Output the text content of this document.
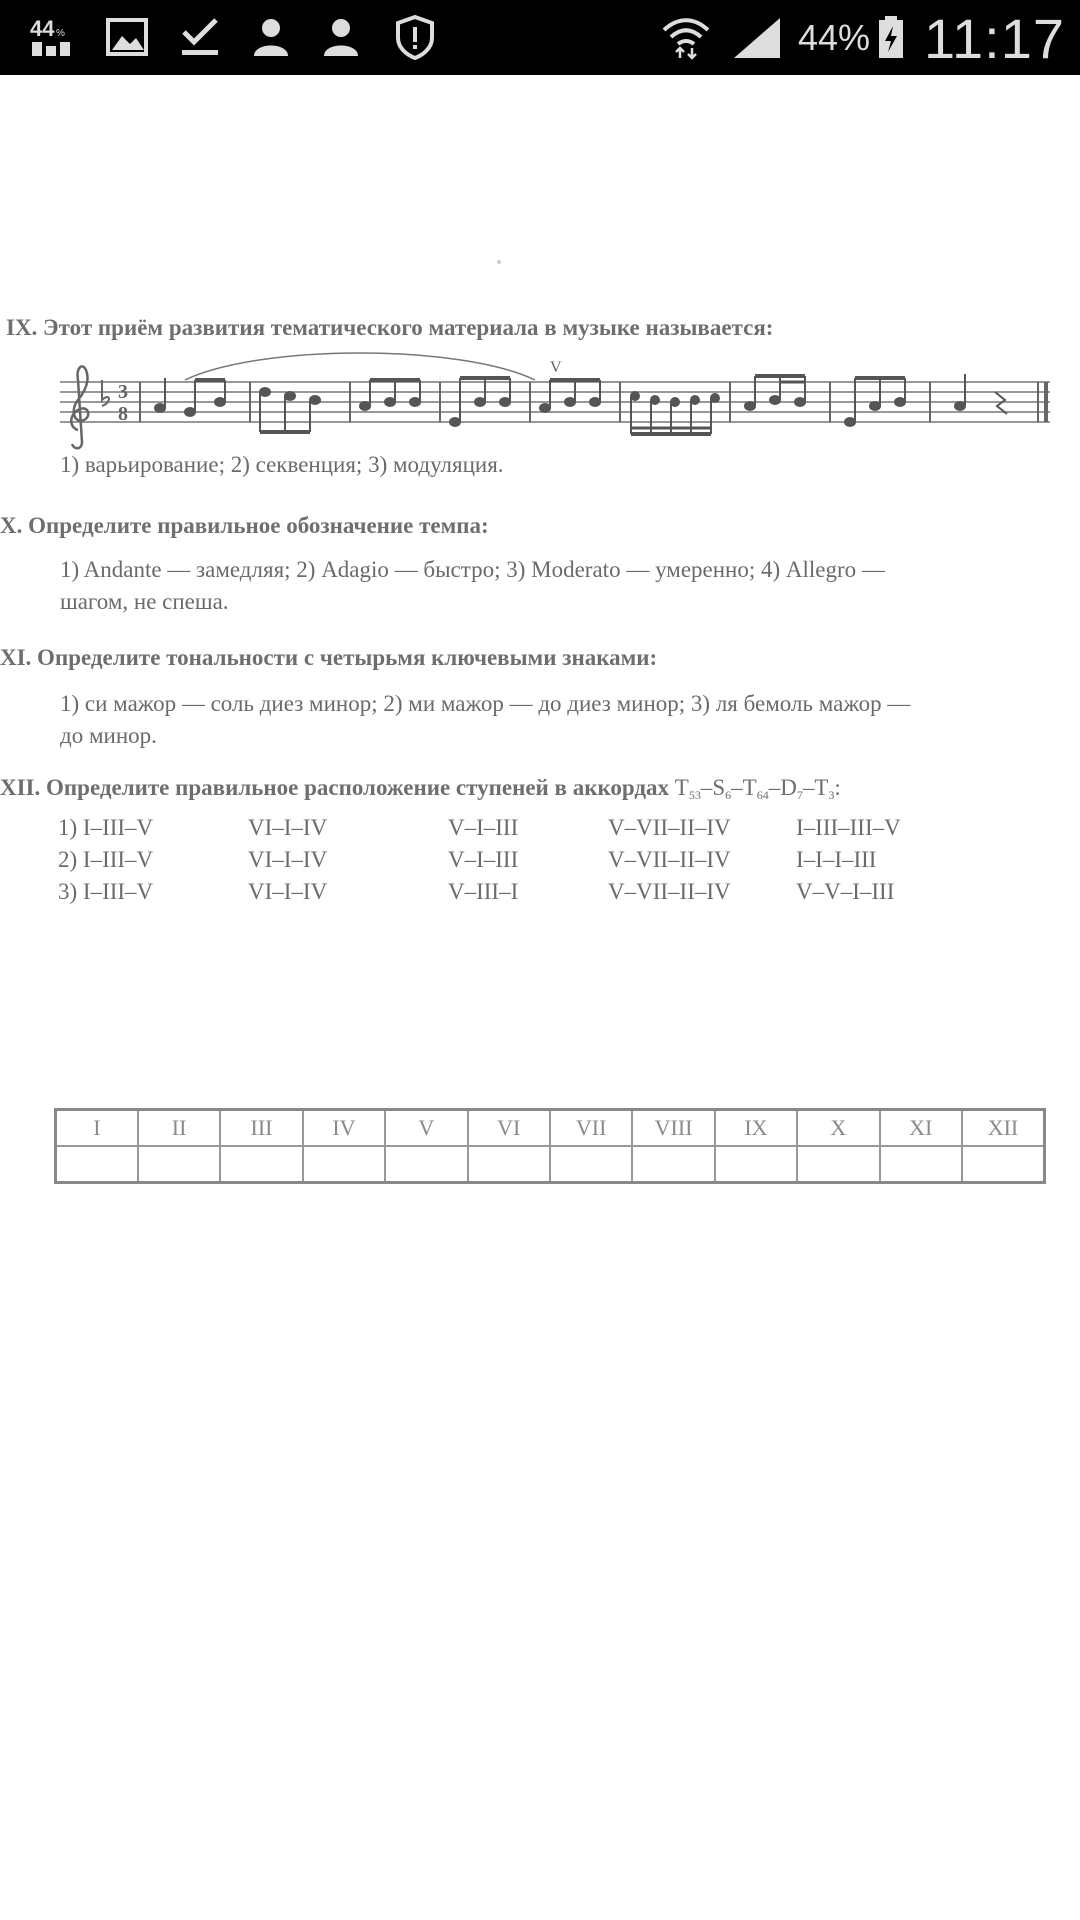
44 %	44% 11:17
IX. Этот приём развития тематического материала в музыке называется:
3
8
V
1) варьирование; 2) секвенция; 3) модуляция.
X. Определите правильное обозначение темпа:
1) Andante — замедляя; 2) Adagio — быстро; 3) Moderato — умеренно; 4) Allegro —
шагом, не спеша.
XI. Определите тональности с четырьмя ключевыми знаками:
1) си мажор — соль диез минор; 2) ми мажор — до диез минор; 3) ля бемоль мажор —
до минор.
XII. Определите правильное расположение ступеней в аккордах $T_{53}-S_6-T_{64}-D_7-T_3$:
1) I–III–V	VI–I–IV	V–I–III	V–VII–II–IV	I–III–III–V
2) I–III–V	VI–I–IV	V–I–III	V–VII–II–IV	I–I–I–III
3) I–III–V	VI–I–IV	V–III–I	V–VII–II–IV	V–V–I–III
I	II	III	IV	V	VI	VII	VIII	IX	X	XI	XII
